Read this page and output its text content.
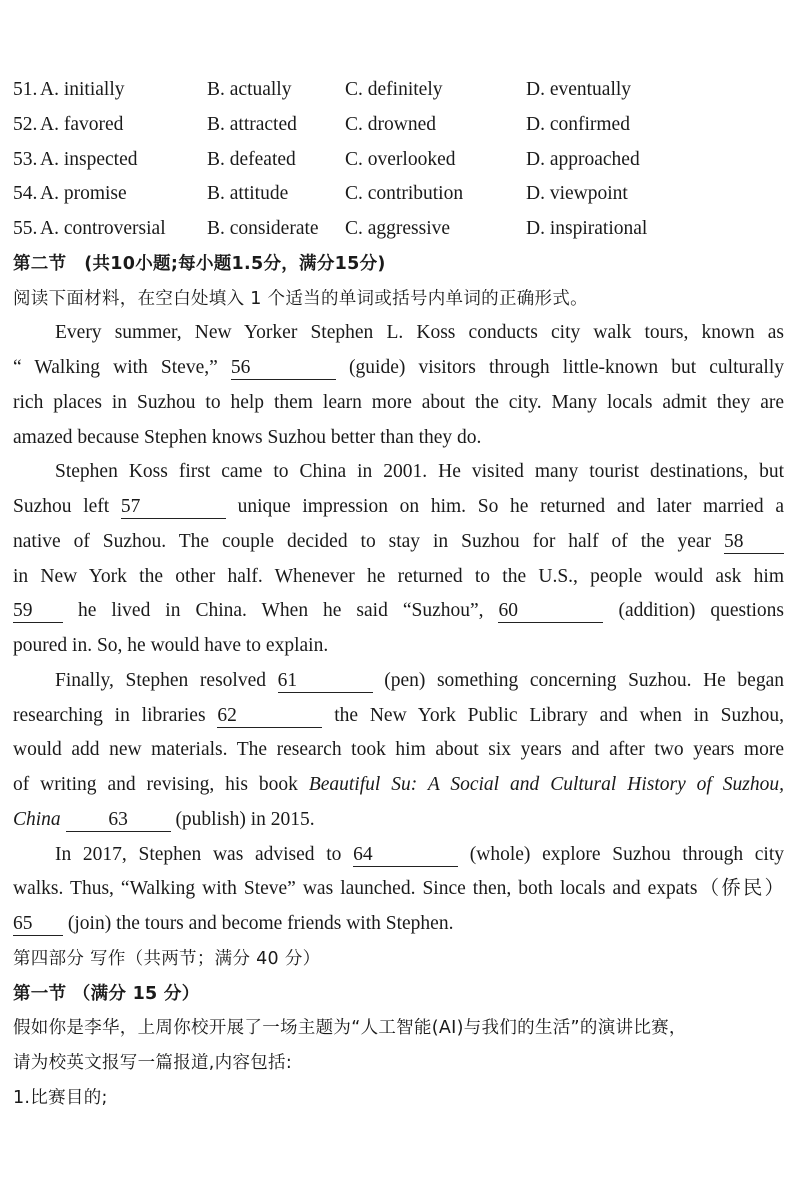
51. A. initially	B. actually	C. definitely	D. eventually
52. A. favored	B. attracted C. drowned	D. confirmed
53. A. inspected	B. defeated	C. overlooked	D. approached
54. A. promise	B. attitude	C. contribution	D. viewpoint
55. A. controversial B. considerate C. aggressive	D. inspirational
第二节　(共10小题;每小题1.5分，满分15分)
阅读下面材料，在空白处填入 1 个适当的单词或括号内单词的正确形式。
Every summer, New Yorker Stephen L. Koss conducts city walk tours, known as
“ Walking with Steve,” 56	(guide) visitors through little-known but culturally
rich places in Suzhou to help them learn more about the city. Many locals admit they are
amazed because Stephen knows Suzhou better than they do.
Stephen Koss first came to China in 2001. He visited many tourist destinations, but
Suzhou left 57	unique impression on him. So he returned and later married a
native of Suzhou. The couple decided to stay in Suzhou for half of the year 58
in New York the other half. Whenever he returned to the U.S., people would ask him
59 he lived in China. When he said “Suzhou”, 60	(addition) questions
poured in. So, he would have to explain.
Finally, Stephen resolved 61	(pen) something concerning Suzhou. He began
researching in libraries 62	the New York Public Library and when in Suzhou,
would add new materials. The research took him about six years and after two years more
of writing and revising, his book Beautiful Su: A Social and Cultural History of Suzhou,
China 63 (publish) in 2015.
In 2017, Stephen was advised to 64	(whole) explore Suzhou through city
walks. Thus, “Walking with Steve” was launched. Since then, both locals and expats（侨民）
65 (join) the tours and become friends with Stephen.
第四部分 写作（共两节；满分 40 分）
第一节 （满分 15 分）
假如你是李华，上周你校开展了一场主题为“人工智能(AI)与我们的生活”的演讲比赛，
请为校英文报写一篇报道,内容包括:
1.比赛目的;
